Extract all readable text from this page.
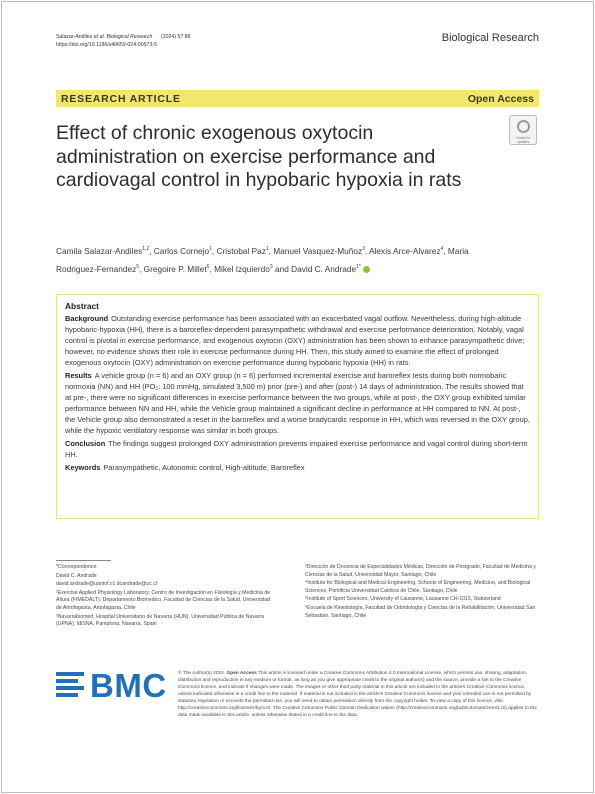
Salazar-Andiles et al. Biological Research (2024) 57:88
https://doi.org/10.1186/s40659-024-00573-5
Biological Research
RESEARCH ARTICLE	Open Access
Effect of chronic exogenous oxytocin administration on exercise performance and cardiovagal control in hypobaric hypoxia in rats
Check for updates
Camila Salazar-Andiles$^{1,2}$, Carlos Cornejo$^1$, Cristobal Paz$^1$, Manuel Vasquez-Muñoz$^3$, Alexis Arce-Alvarez$^4$, Maria Rodriguez-Fernandez$^5$, Gregoire P. Millet$^6$, Mikel Izquierdo$^3$ and David C. Andrade$^{1*}$
Abstract

Background Outstanding exercise performance has been associated with an exacerbated vagal outflow. Nevertheless, during high-altitude hypobaric-hypoxia (HH), there is a baroreflex-dependent parasympathetic withdrawal and exercise performance deterioration. Notably, vagal control is pivotal in exercise performance, and exogenous oxytocin (OXY) administration has been shown to enhance parasympathetic drive; however, no evidence shows their role in exercise performance during HH. Then, this study aimed to examine the effect of prolonged exogenous oxytocin (OXY) administration on exercise performance during hypobaric hypoxia (HH) in rats.

Results A vehicle group (n = 6) and an OXY group (n = 6) performed incremental exercise and baroreflex tests during both normobaric normoxia (NN) and HH (PO₂: 100 mmHg, simulated 3,500 m) prior (pre-) and after (post-) 14 days of administration. The results showed that at pre-, there were no significant differences in exercise performance between the two groups, while at post-, the OXY group exhibited similar performance between NN and HH, while the Vehicle group maintained a significant decline in performance at HH compared to NN. At post-, the Vehicle group also demonstrated a reset in the baroreflex and a worse bradycardic response in HH, which was reversed in the OXY group, while the hypoxic ventilatory response was similar in both groups.

Conclusion The findings suggest prolonged OXY administration prevents impaired exercise performance and vagal control during short-term HH.

Keywords Parasympathetic, Autonomic control, High-altitude, Baroreflex

*Correspondence:

David C. Andrade

david.andrade@uantof.cl; dcandrade@uc.cl

¹Exercise Applied Physiology Laboratory, Centro de Investigación en Fisiología y Medicina de Altura (FIMEDALT), Departamento Biomedico, Facultad de Ciencias de la Salud, Universidad de Antofagasta, Antofagasta, Chile

²Navarrabiomed, Hospital Universitario de Navarra (HUN), Universidad Pública de Navarra (UPNA), IdiSNA, Pamplona, Navarra, Spain

³Dirección de Docencia de Especialidades Médicas, Dirección de Postgrado, Facultad de Medicina y Ciencias de la Salud, Universidad Mayor, Santiago, Chile

⁴Institute for Biological and Medical Engineering, Schools of Engineering, Medicine, and Biological Sciences, Pontificia Universidad Católica de Chile, Santiago, Chile

⁵Institute of Sport Sciences, University of Lausanne, Lausanne CH-1015, Switzerland

⁶Escuela de Kinesiología, Facultad de Odontología y Ciencias de la Rehabilitación, Universidad San Sebastián, Santiago, Chile

BMC © The Author(s) 2024. Open Access This article is licensed under a Creative Commons Attribution 4.0 International License, which permits use, sharing, adaptation, distribution and reproduction in any medium or format, as long as you give appropriate credit to the original author(s) and the source, provide a link to the Creative Commons licence, and indicate if changes were made. The images or other third party material in this article are included in the article's Creative Commons licence, unless indicated otherwise in a credit line to the material. If material is not included in the article's Creative Commons licence and your intended use is not permitted by statutory regulation or exceeds the permitted use, you will need to obtain permission directly from the copyright holder. To view a copy of this licence, visit http://creativecommons.org/licenses/by/4.0/. The Creative Commons Public Domain Dedication waiver (http://creativecommons.org/publicdomain/zero/1.0/) applies to the data made available in this article, unless otherwise stated in a credit line to the data.
